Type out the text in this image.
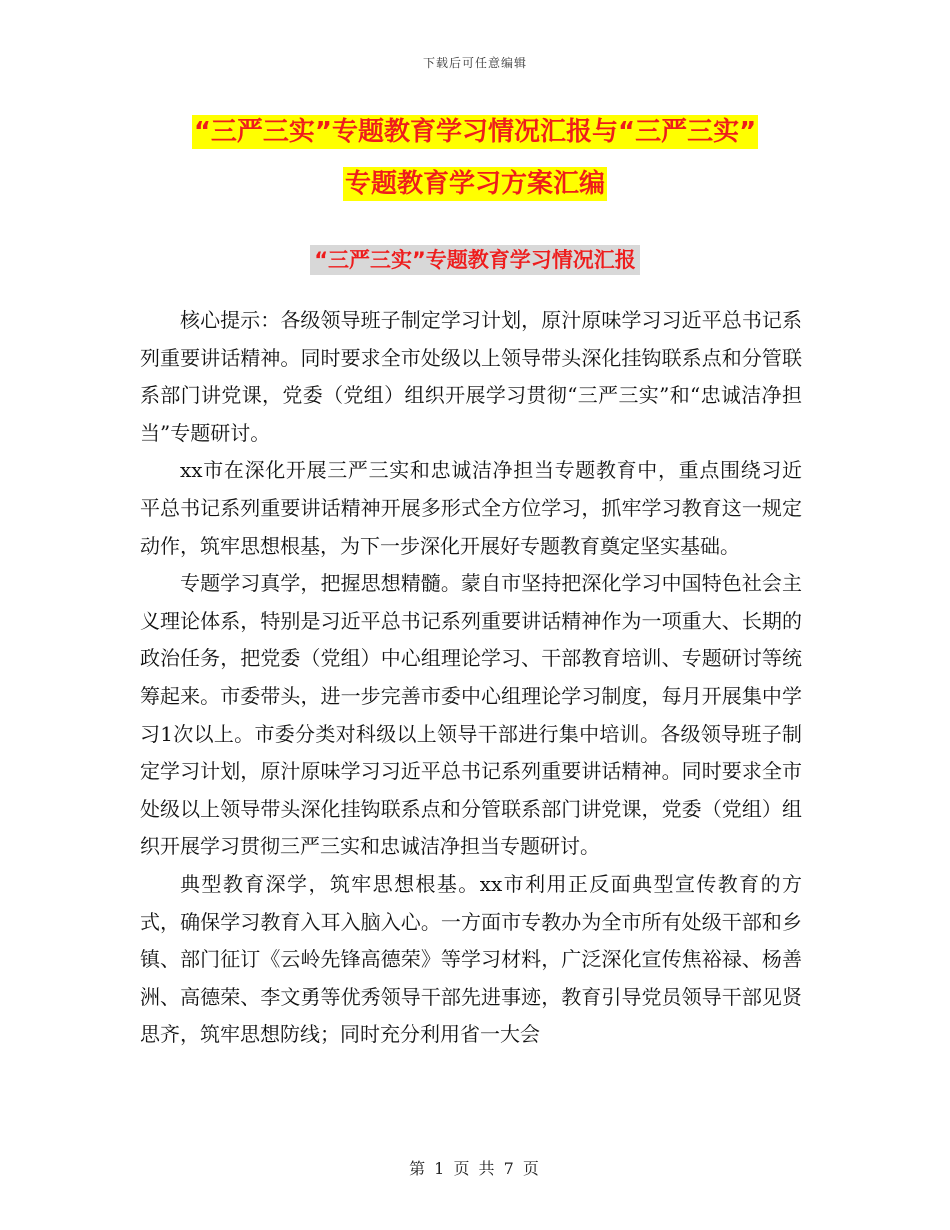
下载后可任意编辑
“三严三实”专题教育学习情况汇报与“三严三实”
专题教育学习方案汇编
“三严三实”专题教育学习情况汇报

核心提示：各级领导班子制定学习计划，原汁原味学习习近平总书记系列重要讲话精神。同时要求全市处级以上领导带头深化挂钩联系点和分管联系部门讲党课，党委（党组）组织开展学习贯彻“三严三实”和“忠诚洁净担当”专题研讨。

xx市在深化开展三严三实和忠诚洁净担当专题教育中，重点围绕习近平总书记系列重要讲话精神开展多形式全方位学习，抓牢学习教育这一规定动作，筑牢思想根基，为下一步深化开展好专题教育奠定坚实基础。

专题学习真学，把握思想精髓。蒙自市坚持把深化学习中国特色社会主义理论体系，特别是习近平总书记系列重要讲话精神作为一项重大、长期的政治任务，把党委（党组）中心组理论学习、干部教育培训、专题研讨等统筹起来。市委带头，进一步完善市委中心组理论学习制度，每月开展集中学习1次以上。市委分类对科级以上领导干部进行集中培训。各级领导班子制定学习计划，原汁原味学习习近平总书记系列重要讲话精神。同时要求全市处级以上领导带头深化挂钩联系点和分管联系部门讲党课，党委（党组）组织开展学习贯彻三严三实和忠诚洁净担当专题研讨。

典型教育深学，筑牢思想根基。xx市利用正反面典型宣传教育的方式，确保学习教育入耳入脑入心。一方面市专教办为全市所有处级干部和乡镇、部门征订《云岭先锋高德荣》等学习材料，广泛深化宣传焦裕禄、杨善洲、高德荣、李文勇等优秀领导干部先进事迹，教育引导党员领导干部见贤思齐，筑牢思想防线；同时充分利用省一大会

第 1 页 共 7 页
